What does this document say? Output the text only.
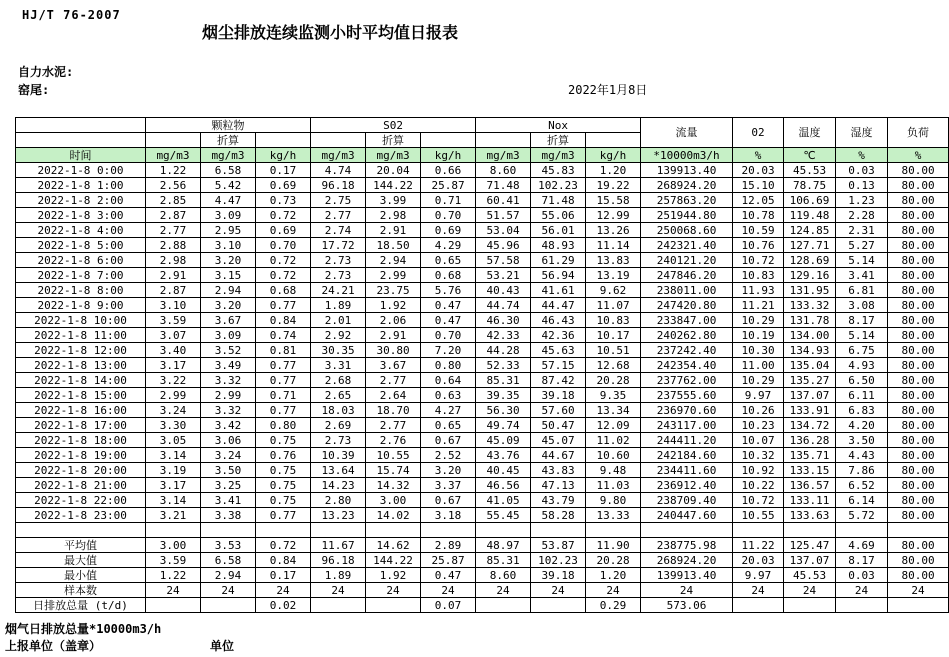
HJ/T 76-2007
烟尘排放连续监测小时平均值日报表
自力水泥:
窑尾:	2022年1月8日
	颗粒物			S02			Nox			流量	02	温度	湿度	负荷
		折算			折算			折算						
时间	mg/m3	mg/m3	kg/h	mg/m3	mg/m3	kg/h	mg/m3	mg/m3	kg/h	*10000m3/h	%	℃	%	%
2022-1-8 0:00	1.22	6.58	0.17	4.74	20.04	0.66	8.60	45.83	1.20	139913.40	20.03	45.53	0.03	80.00
2022-1-8 1:00	2.56	5.42	0.69	96.18	144.22	25.87	71.48	102.23	19.22	268924.20	15.10	78.75	0.13	80.00
2022-1-8 2:00	2.85	4.47	0.73	2.75	3.99	0.71	60.41	71.48	15.58	257863.20	12.05	106.69	1.23	80.00
2022-1-8 3:00	2.87	3.09	0.72	2.77	2.98	0.70	51.57	55.06	12.99	251944.80	10.78	119.48	2.28	80.00
2022-1-8 4:00	2.77	2.95	0.69	2.74	2.91	0.69	53.04	56.01	13.26	250068.60	10.59	124.85	2.31	80.00
2022-1-8 5:00	2.88	3.10	0.70	17.72	18.50	4.29	45.96	48.93	11.14	242321.40	10.76	127.71	5.27	80.00
2022-1-8 6:00	2.98	3.20	0.72	2.73	2.94	0.65	57.58	61.29	13.83	240121.20	10.72	128.69	5.14	80.00
2022-1-8 7:00	2.91	3.15	0.72	2.73	2.99	0.68	53.21	56.94	13.19	247846.20	10.83	129.16	3.41	80.00
2022-1-8 8:00	2.87	2.94	0.68	24.21	23.75	5.76	40.43	41.61	9.62	238011.00	11.93	131.95	6.81	80.00
2022-1-8 9:00	3.10	3.20	0.77	1.89	1.92	0.47	44.74	44.47	11.07	247420.80	11.21	133.32	3.08	80.00
2022-1-8 10:00	3.59	3.67	0.84	2.01	2.06	0.47	46.30	46.43	10.83	233847.00	10.29	131.78	8.17	80.00
2022-1-8 11:00	3.07	3.09	0.74	2.92	2.91	0.70	42.33	42.36	10.17	240262.80	10.19	134.00	5.14	80.00
2022-1-8 12:00	3.40	3.52	0.81	30.35	30.80	7.20	44.28	45.63	10.51	237242.40	10.30	134.93	6.75	80.00
2022-1-8 13:00	3.17	3.49	0.77	3.31	3.67	0.80	52.33	57.15	12.68	242354.40	11.00	135.04	4.93	80.00
2022-1-8 14:00	3.22	3.32	0.77	2.68	2.77	0.64	85.31	87.42	20.28	237762.00	10.29	135.27	6.50	80.00
2022-1-8 15:00	2.99	2.99	0.71	2.65	2.64	0.63	39.35	39.18	9.35	237555.60	9.97	137.07	6.11	80.00
2022-1-8 16:00	3.24	3.32	0.77	18.03	18.70	4.27	56.30	57.60	13.34	236970.60	10.26	133.91	6.83	80.00
2022-1-8 17:00	3.30	3.42	0.80	2.69	2.77	0.65	49.74	50.47	12.09	243117.00	10.23	134.72	4.20	80.00
2022-1-8 18:00	3.05	3.06	0.75	2.73	2.76	0.67	45.09	45.07	11.02	244411.20	10.07	136.28	3.50	80.00
2022-1-8 19:00	3.14	3.24	0.76	10.39	10.55	2.52	43.76	44.67	10.60	242184.60	10.32	135.71	4.43	80.00
2022-1-8 20:00	3.19	3.50	0.75	13.64	15.74	3.20	40.45	43.83	9.48	234411.60	10.92	133.15	7.86	80.00
2022-1-8 21:00	3.17	3.25	0.75	14.23	14.32	3.37	46.56	47.13	11.03	236912.40	10.22	136.57	6.52	80.00
2022-1-8 22:00	3.14	3.41	0.75	2.80	3.00	0.67	41.05	43.79	9.80	238709.40	10.72	133.11	6.14	80.00
2022-1-8 23:00	3.21	3.38	0.77	13.23	14.02	3.18	55.45	58.28	13.33	240447.60	10.55	133.63	5.72	80.00

平均值	3.00	3.53	0.72	11.67	14.62	2.89	48.97	53.87	11.90	238775.98	11.22	125.47	4.69	80.00
最大值	3.59	6.58	0.84	96.18	144.22	25.87	85.31	102.23	20.28	268924.20	20.03	137.07	8.17	80.00
最小值	1.22	2.94	0.17	1.89	1.92	0.47	8.60	39.18	1.20	139913.40	9.97	45.53	0.03	80.00
样本数	24	24	24	24	24	24	24	24	24	24	24	24	24	24
日排放总量 (t/d)			0.02			0.07			0.29	573.06				
烟气日排放总量*10000m3/h
上报单位（盖章）	单位
